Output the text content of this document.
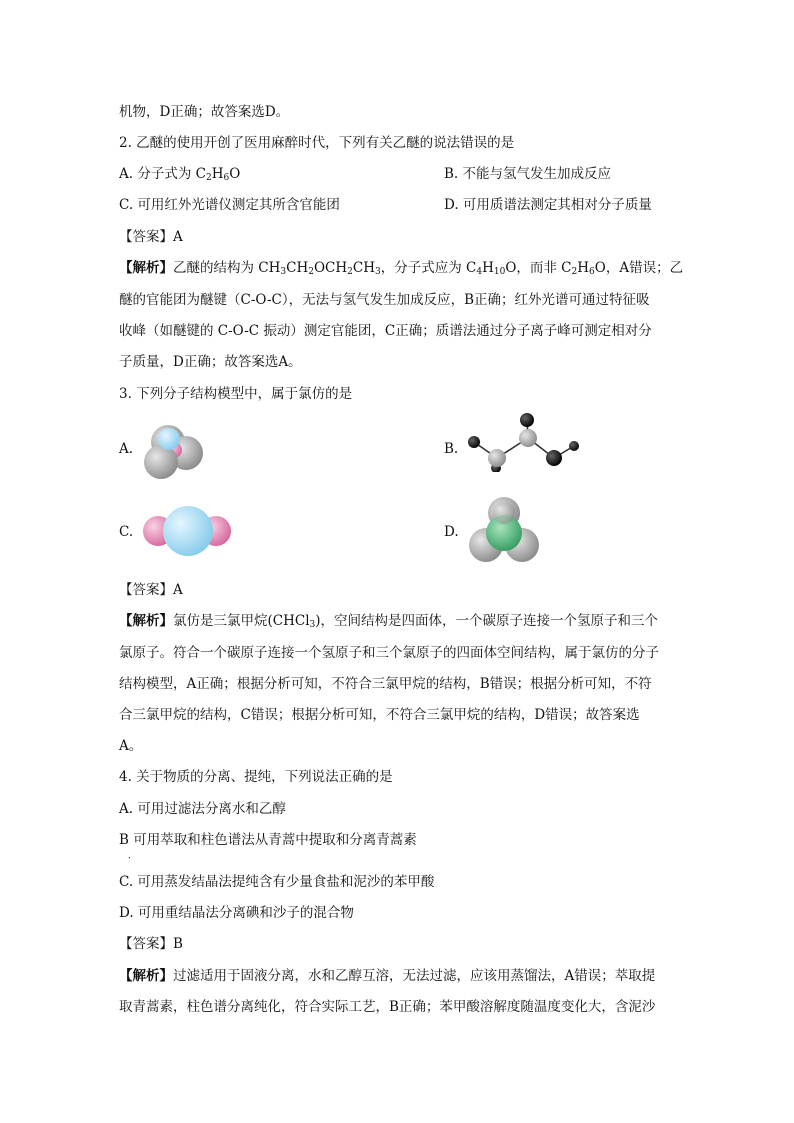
机物，D正确；故答案选D。
2. 乙醚的使用开创了医用麻醉时代，下列有关乙醚的说法错误的是
A. 分子式为 $C_2H_6O$	B. 不能与氢气发生加成反应
C. 可用红外光谱仪测定其所含官能团	D. 可用质谱法测定其相对分子质量
【答案】A
【解析】乙醚的结构为 $CH_3CH_2OCH_2CH_3$，分子式应为 $C_4H_{10}O$，而非 $C_2H_6O$，A错误；乙
醚的官能团为醚键（C-O-C），无法与氢气发生加成反应，B正确；红外光谱可通过特征吸
收峰（如醚键的 C-O-C 振动）测定官能团，C正确；质谱法通过分子离子峰可测定相对分
子质量，D正确；故答案选A。
3. 下列分子结构模型中，属于氯仿的是
A.	B.
C.	D.
【答案】A
【解析】氯仿是三氯甲烷(CHCl$_3$)，空间结构是四面体，一个碳原子连接一个氢原子和三个
氯原子。符合一个碳原子连接一个氢原子和三个氯原子的四面体空间结构，属于氯仿的分子
结构模型，A正确；根据分析可知，不符合三氯甲烷的结构，B错误；根据分析可知，不符
合三氯甲烷的结构，C错误；根据分析可知，不符合三氯甲烷的结构，D错误；故答案选
A。
4. 关于物质的分离、提纯，下列说法正确的是
A. 可用过滤法分离水和乙醇
B 可用萃取和柱色谱法从青蒿中提取和分离青蒿素
．
C. 可用蒸发结晶法提纯含有少量食盐和泥沙的苯甲酸
D. 可用重结晶法分离碘和沙子的混合物
【答案】B
【解析】过滤适用于固液分离，水和乙醇互溶，无法过滤，应该用蒸馏法，A错误；萃取提
取青蒿素，柱色谱分离纯化，符合实际工艺，B正确；苯甲酸溶解度随温度变化大，含泥沙
